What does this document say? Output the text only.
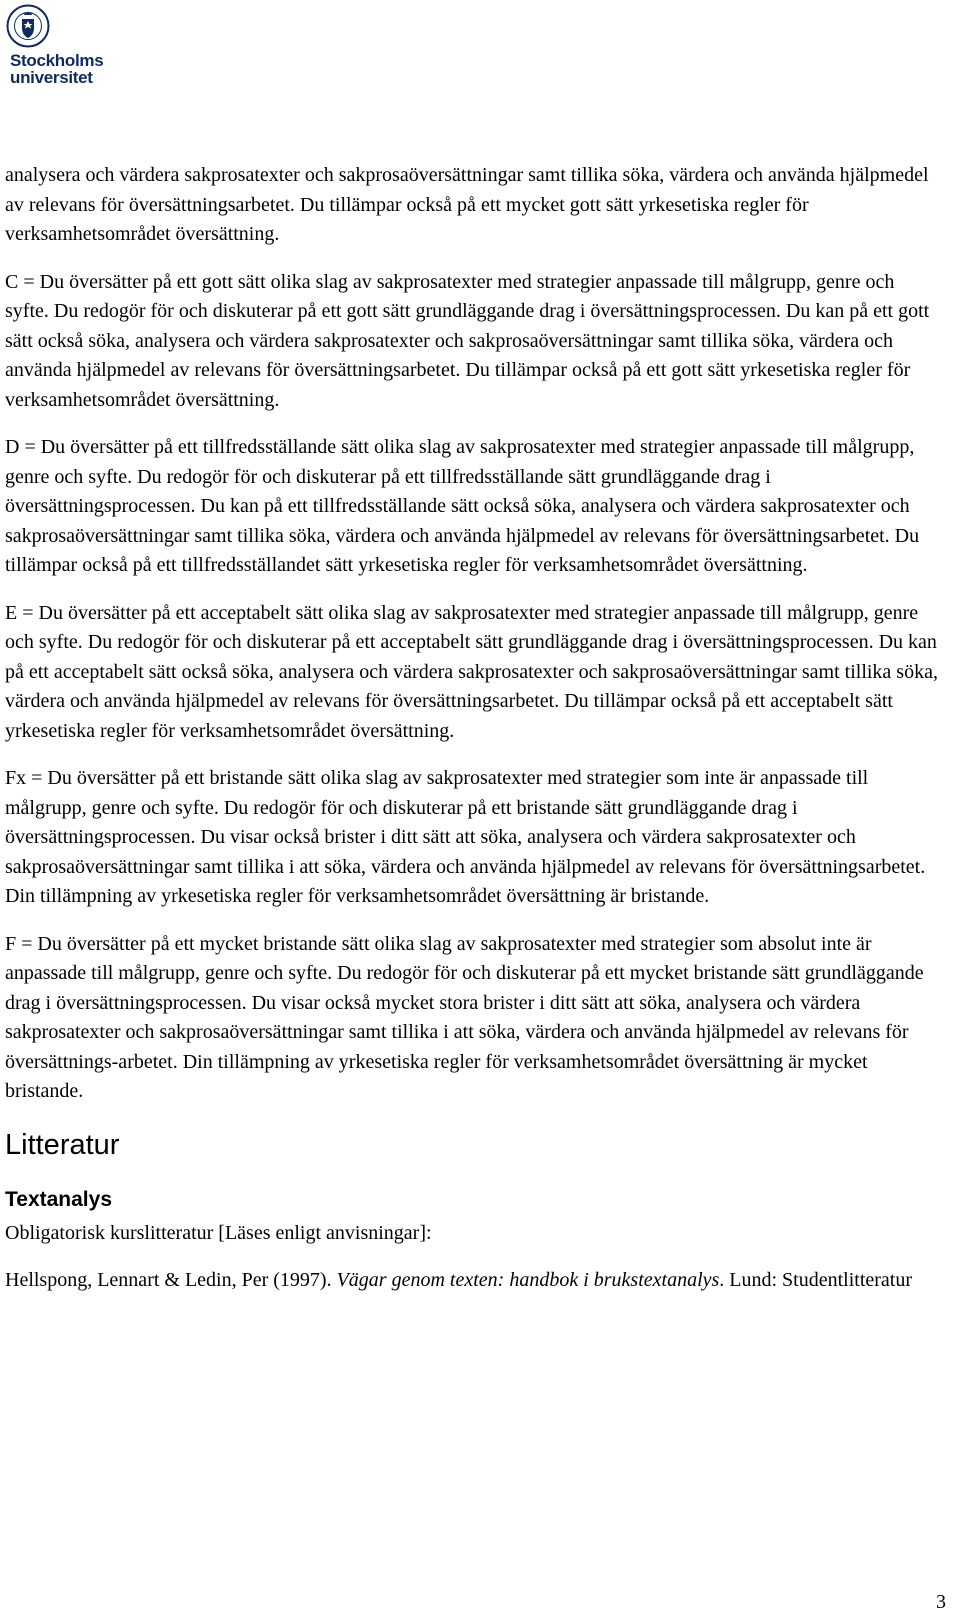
Stockholms
universitet

analysera och värdera sakprosatexter och sakprosaöversättningar samt tillika söka, värdera och använda hjälpmedel av relevans för översättningsarbetet. Du tillämpar också på ett mycket gott sätt yrkesetiska regler för verksamhetsområdet översättning.

C = Du översätter på ett gott sätt olika slag av sakprosatexter med strategier anpassade till målgrupp, genre och syfte. Du redogör för och diskuterar på ett gott sätt grundläggande drag i översättningsprocessen. Du kan på ett gott sätt också söka, analysera och värdera sakprosatexter och sakprosaöversättningar samt tillika söka, värdera och använda hjälpmedel av relevans för översättningsarbetet. Du tillämpar också på ett gott sätt yrkesetiska regler för verksamhetsområdet översättning.

D = Du översätter på ett tillfredsställande sätt olika slag av sakprosatexter med strategier anpassade till målgrupp, genre och syfte. Du redogör för och diskuterar på ett tillfredsställande sätt grundläggande drag i översättningsprocessen. Du kan på ett tillfredsställande sätt också söka, analysera och värdera sakprosatexter och sakprosaöversättningar samt tillika söka, värdera och använda hjälpmedel av relevans för översättningsarbetet. Du tillämpar också på ett tillfredsställandet sätt yrkesetiska regler för verksamhetsområdet översättning.

E = Du översätter på ett acceptabelt sätt olika slag av sakprosatexter med strategier anpassade till målgrupp, genre och syfte. Du redogör för och diskuterar på ett acceptabelt sätt grundläggande drag i översättningsprocessen. Du kan på ett acceptabelt sätt också söka, analysera och värdera sakprosatexter och sakprosaöversättningar samt tillika söka, värdera och använda hjälpmedel av relevans för översättningsarbetet. Du tillämpar också på ett acceptabelt sätt yrkesetiska regler för verksamhetsområdet översättning.

Fx = Du översätter på ett bristande sätt olika slag av sakprosatexter med strategier som inte är anpassade till målgrupp, genre och syfte. Du redogör för och diskuterar på ett bristande sätt grundläggande drag i översättningsprocessen. Du visar också brister i ditt sätt att söka, analysera och värdera sakprosatexter och sakprosaöversättningar samt tillika i att söka, värdera och använda hjälpmedel av relevans för översättningsarbetet. Din tillämpning av yrkesetiska regler för verksamhetsområdet översättning är bristande.

F = Du översätter på ett mycket bristande sätt olika slag av sakprosatexter med strategier som absolut inte är anpassade till målgrupp, genre och syfte. Du redogör för och diskuterar på ett mycket bristande sätt grundläggande drag i översättningsprocessen. Du visar också mycket stora brister i ditt sätt att söka, analysera och värdera sakprosatexter och sakprosaöversättningar samt tillika i att söka, värdera och använda hjälpmedel av relevans för översättnings-arbetet. Din tillämpning av yrkesetiska regler för verksamhetsområdet översättning är mycket bristande.

Litteratur
Textanalys

Obligatorisk kurslitteratur [Läses enligt anvisningar]:

Hellspong, Lennart & Ledin, Per (1997). Vägar genom texten: handbok i brukstextanalys. Lund: Studentlitteratur

3
